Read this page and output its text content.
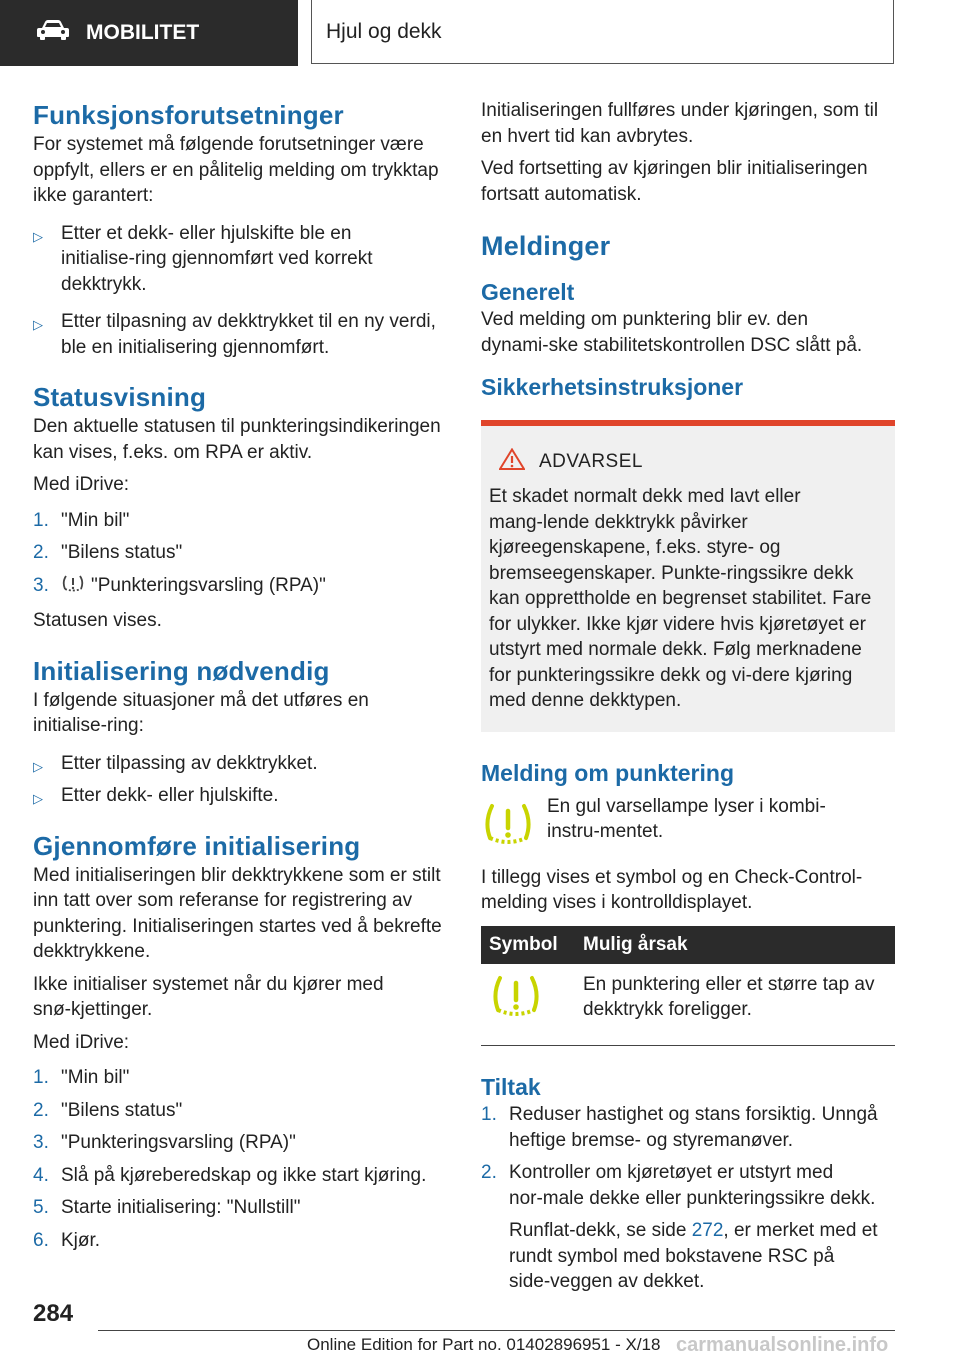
MOBILITET	Hjul og dekk
Funksjonsforutsetninger

For systemet må følgende forutsetninger være oppfylt, ellers er en pålitelig melding om trykktap ikke garantert:

▷ Etter et dekk- eller hjulskifte ble en initialise‑ring gjennomført ved korrekt dekktrykk.
▷ Etter tilpasning av dekktrykket til en ny verdi, ble en initialisering gjennomført.
Statusvisning

Den aktuelle statusen til punkteringsindikeringen kan vises, f.eks. om RPA er aktiv.

Med iDrive:

1. "Min bil"
2. "Bilens status"
3. "Punkteringsvarsling (RPA)"

Statusen vises.

Initialisering nødvendig

I følgende situasjoner må det utføres en initialise‑ring:

▷ Etter tilpassing av dekktrykket.
▷ Etter dekk- eller hjulskifte.
Gjennomføre initialisering

Med initialiseringen blir dekktrykkene som er stilt inn tatt over som referanse for registrering av punktering. Initialiseringen startes ved å bekrefte dekktrykkene.

Ikke initialiser systemet når du kjører med snø‑kjettinger.

Med iDrive:

1. "Min bil"
2. "Bilens status"
3. "Punkteringsvarsling (RPA)"
4. Slå på kjøreberedskap og ikke start kjøring.
5. Starte initialisering: "Nullstill"
6. Kjør.

Initialiseringen fullføres under kjøringen, som til en hvert tid kan avbrytes.

Ved fortsetting av kjøringen blir initialiseringen fortsatt automatisk.

Meldinger
Generelt

Ved melding om punktering blir ev. den dynami‑ske stabilitetskontrollen DSC slått på.

Sikkerhetsinstruksjoner
ADVARSEL

Et skadet normalt dekk med lavt eller mang‑lende dekktrykk påvirker kjøreegenskapene, f.eks. styre- og bremseegenskaper. Punkte‑ringssikre dekk kan opprettholde en begrenset stabilitet. Fare for ulykker. Ikke kjør videre hvis kjøretøyet er utstyrt med normale dekk. Følg merknadene for punkteringssikre dekk og vi‑dere kjøring med denne dekktypen.

Melding om punktering

En gul varsellampe lyser i kombi-instru‑mentet.

I tillegg vises et symbol og en Check-Control-melding vises i kontrolldisplayet.

Symbol	Mulig årsak
	En punktering eller et større tap av dekktrykk foreligger.
Tiltak
1. Reduser hastighet og stans forsiktig. Unngå heftige bremse- og styremanøver.
2. Kontroller om kjøretøyet er utstyrt med nor‑male dekke eller punkteringssikre dekk.
Runflat-dekk, se side 272, er merket med et rundt symbol med bokstavene RSC på side‑veggen av dekket.
284
Online Edition for Part no. 01402896951 - X/18 carmanualsonline.info
